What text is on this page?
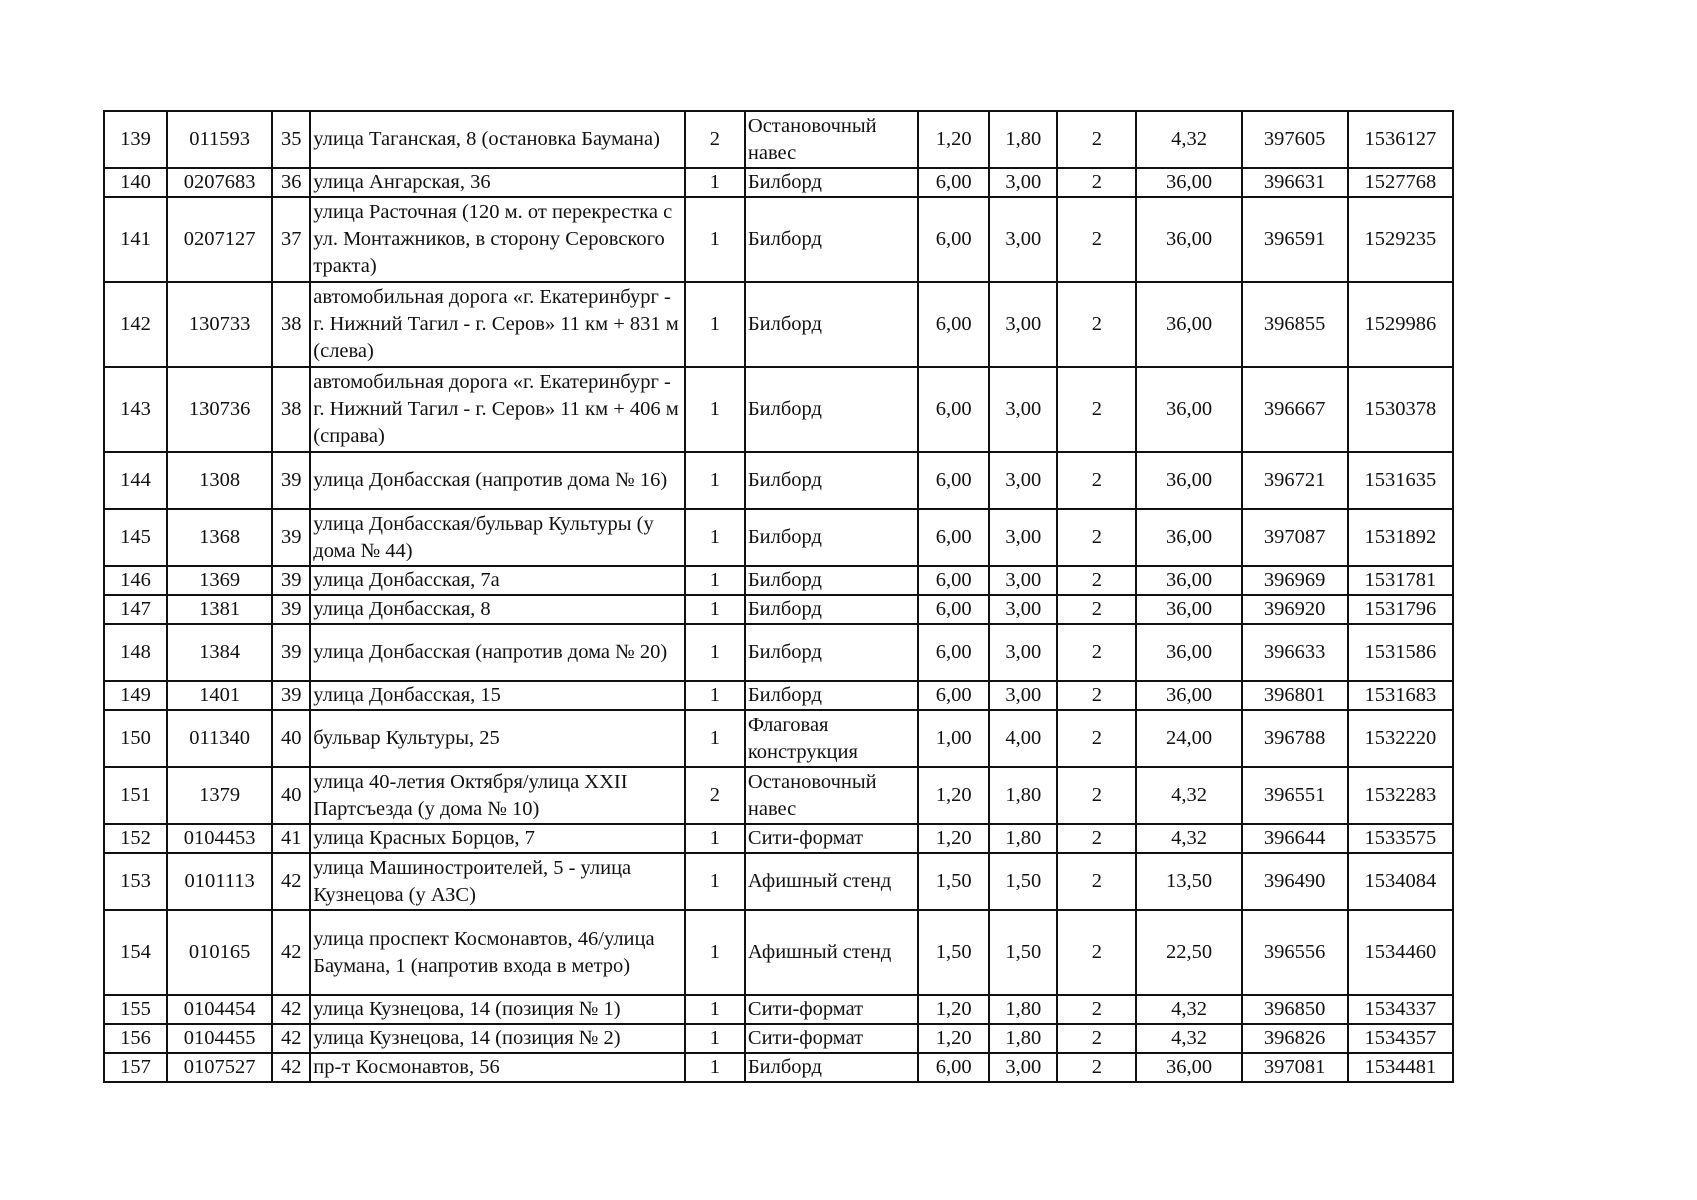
139	011593	35	улица Таганская, 8 (остановка Баумана)	2	Остановочный навес	1,20	1,80	2	4,32	397605	1536127
140	0207683	36	улица Ангарская, 36	1	Билборд	6,00	3,00	2	36,00	396631	1527768
141	0207127	37	улица Расточная (120 м. от перекрестка с ул. Монтажников, в сторону Серовского тракта)	1	Билборд	6,00	3,00	2	36,00	396591	1529235
142	130733	38	автомобильная дорога «г. Екатеринбург - г. Нижний Тагил - г. Серов» 11 км + 831 м (слева)	1	Билборд	6,00	3,00	2	36,00	396855	1529986
143	130736	38	автомобильная дорога «г. Екатеринбург - г. Нижний Тагил - г. Серов» 11 км + 406 м (справа)	1	Билборд	6,00	3,00	2	36,00	396667	1530378
144	1308	39	улица Донбасская (напротив дома № 16)	1	Билборд	6,00	3,00	2	36,00	396721	1531635
145	1368	39	улица Донбасская/бульвар Культуры (у дома № 44)	1	Билборд	6,00	3,00	2	36,00	397087	1531892
146	1369	39	улица Донбасская, 7а	1	Билборд	6,00	3,00	2	36,00	396969	1531781
147	1381	39	улица Донбасская, 8	1	Билборд	6,00	3,00	2	36,00	396920	1531796
148	1384	39	улица Донбасская (напротив дома № 20)	1	Билборд	6,00	3,00	2	36,00	396633	1531586
149	1401	39	улица Донбасская, 15	1	Билборд	6,00	3,00	2	36,00	396801	1531683
150	011340	40	бульвар Культуры, 25	1	Флаговая конструкция	1,00	4,00	2	24,00	396788	1532220
151	1379	40	улица 40-летия Октября/улица XXII Партсъезда (у дома № 10)	2	Остановочный навес	1,20	1,80	2	4,32	396551	1532283
152	0104453	41	улица Красных Борцов, 7	1	Сити-формат	1,20	1,80	2	4,32	396644	1533575
153	0101113	42	улица Машиностроителей, 5 - улица Кузнецова (у АЗС)	1	Афишный стенд	1,50	1,50	2	13,50	396490	1534084
154	010165	42	улица проспект Космонавтов, 46/улица Баумана, 1 (напротив входа в метро)	1	Афишный стенд	1,50	1,50	2	22,50	396556	1534460
155	0104454	42	улица Кузнецова, 14 (позиция № 1)	1	Сити-формат	1,20	1,80	2	4,32	396850	1534337
156	0104455	42	улица Кузнецова, 14 (позиция № 2)	1	Сити-формат	1,20	1,80	2	4,32	396826	1534357
157	0107527	42	пр-т Космонавтов, 56	1	Билборд	6,00	3,00	2	36,00	397081	1534481
